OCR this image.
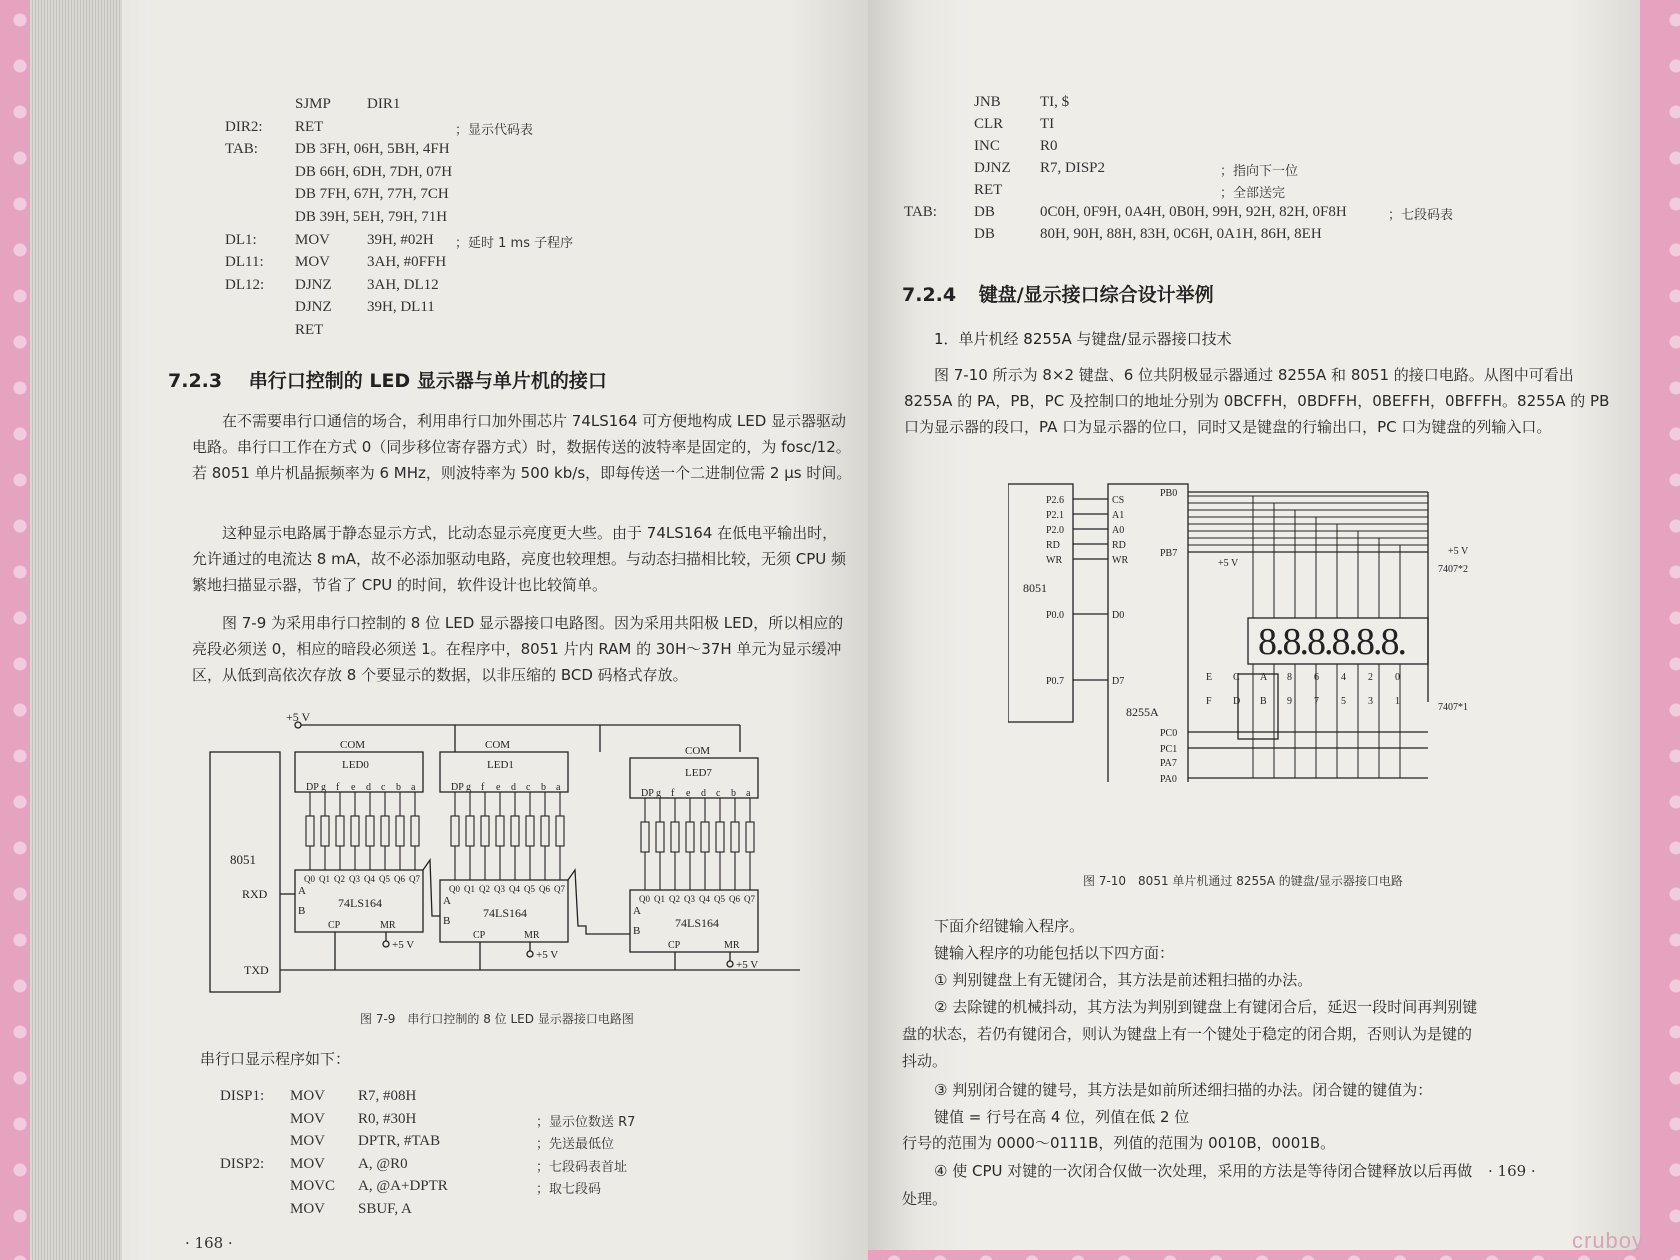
SJMP DIR1
DIR2: RET	；显示代码表
TAB: DB 3FH, 06H, 5BH, 4FH
DB 66H, 6DH, 7DH, 07H
DB 7FH, 67H, 77H, 7CH
DB 39H, 5EH, 79H, 71H
DL1:	MOV 39H, #02H ；延时 1 ms 子程序
DL11: MOV 3AH, #0FFH
DL12: DJNZ 3AH, DL12
DJNZ 39H, DL11
RET
7.2.3 串行口控制的 LED 显示器与单片机的接口
在不需要串行口通信的场合，利用串行口加外围芯片 74LS164 可方便地构成 LED 显示器驱动电路。串行口工作在方式 0（同步移位寄存器方式）时，数据传送的波特率是固定的，为 fosc/12。若 8051 单片机晶振频率为 6 MHz，则波特率为 500 kb/s，即每传送一个二进制位需 2 μs 时间。
这种显示电路属于静态显示方式，比动态显示亮度更大些。由于 74LS164 在低电平输出时，允许通过的电流达 8 mA，故不必添加驱动电路，亮度也较理想。与动态扫描相比较，无须 CPU 频繁地扫描显示器，节省了 CPU 的时间，软件设计也比较简单。
图 7-9 为采用串行口控制的 8 位 LED 显示器接口电路图。因为采用共阳极 LED，所以相应的亮段必须送 0，相应的暗段必须送 1。在程序中，8051 片内 RAM 的 30H～37H 单元为显示缓冲区，从低到高依次存放 8 个要显示的数据，以非压缩的 BCD 码格式存放。
+5 V
8051
RXD
TXD
COM	COM	COM
LED0	LED1
LED7
DP g f e d c b a	DP g f e d c b a
DP g f e d c b a
Q0 Q1 Q2 Q3 Q4 Q5 Q6 Q7
Q0 Q1 Q2 Q3 Q4 Q5 Q6 Q7
Q0 Q1 Q2 Q3 Q4 Q5 Q6 Q7
74LS164
74LS164
74LS164
A
B
A
B
A
B
CP	MR
CP	MR
CP	MR
+5 V
+5 V
+5 V
图 7-9　串行口控制的 8 位 LED 显示器接口电路图
串行口显示程序如下：
DISP1: MOV R7, #08H
MOV R0, #30H	；显示位数送 R7
MOV DPTR, #TAB	；先送最低位
DISP2: MOV A, @R0	；七段码表首址
MOVC A, @A+DPTR	；取七段码
MOV SBUF, A
· 168 ·
JNB	TI, $
CLR TI
INC	R0
DJNZ R7, DISP2	；指向下一位
RET	；全部送完
TAB: DB	0C0H, 0F9H, 0A4H, 0B0H, 99H, 92H, 82H, 0F8H	；七段码表
DB	80H, 90H, 88H, 83H, 0C6H, 0A1H, 86H, 8EH
7.2.4 键盘/显示接口综合设计举例
1．单片机经 8255A 与键盘/显示器接口技术
图 7-10 所示为 8×2 键盘、6 位共阴极显示器通过 8255A 和 8051 的接口电路。从图中可看出 8255A 的 PA，PB，PC 及控制口的地址分别为 0BCFFH，0BDFFH，0BEFFH，0BFFFH。8255A 的 PB 口为显示器的段口，PA 口为显示器的位口，同时又是键盘的行输出口，PC 口为键盘的列输入口。
P2.6
P2.1
P2.0
RD
WR
P0.0
P0.7
CS
A1
A0
RD
WR
D0
D7
PB0
PB7
PC0
PC1
PA7
PA0
8051
8255A
+5 V
+5 V
7407*2
7407*1
8.8.8.8.8.8.
E C A 8 6 4 2 0
F D B 9 7 5 3 1
图 7-10　8051 单片机通过 8255A 的键盘/显示器接口电路
下面介绍键输入程序。
键输入程序的功能包括以下四方面：
① 判别键盘上有无键闭合，其方法是前述粗扫描的办法。
② 去除键的机械抖动，其方法为判别到键盘上有键闭合后，延迟一段时间再判别键
盘的状态，若仍有键闭合，则认为键盘上有一个键处于稳定的闭合期，否则认为是键的
抖动。
③ 判别闭合键的键号，其方法是如前所述细扫描的办法。闭合键的键值为：
键值 = 行号在高 4 位，列值在低 2 位
行号的范围为 0000～0111B，列值的范围为 0010B，0001B。
④ 使 CPU 对键的一次闭合仅做一次处理，采用的方法是等待闭合键释放以后再做
处理。
· 169 ·
cruboy
